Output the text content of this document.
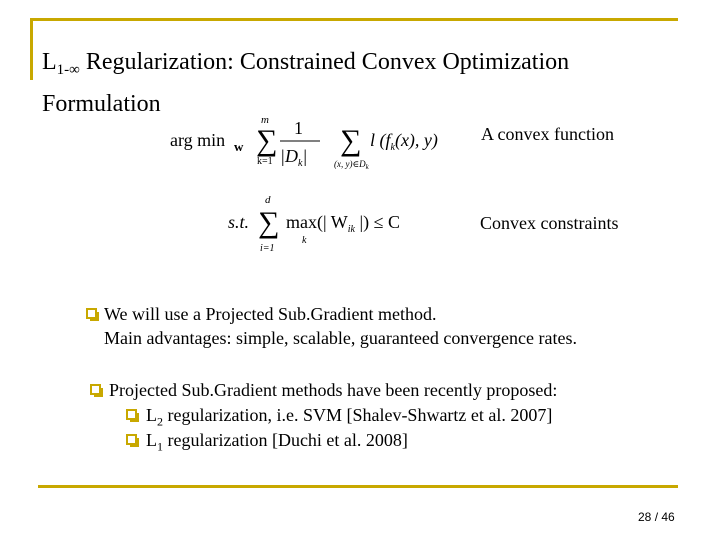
$L_{1-\infty}$ Regularization: Constrained Convex Optimization Formulation
arg min w
m
∑
k=1
1
$|D_k|$ ∑
(x, $y)\in D_k$
l ($f_k(x)$, y) A convex function
s.t.
d
∑
i=1
max(| $W_{ik}$ |) ≤ C
k
Convex constraints
We will use a Projected Sub.Gradient method.
Main advantages: simple, scalable, guaranteed convergence rates.
Projected Sub.Gradient methods have been recently proposed:
$L_2$ regularization, i.e. SVM [Shalev-Shwartz et al. 2007]
$L_1$ regularization [Duchi et al. 2008]
28 / 46
